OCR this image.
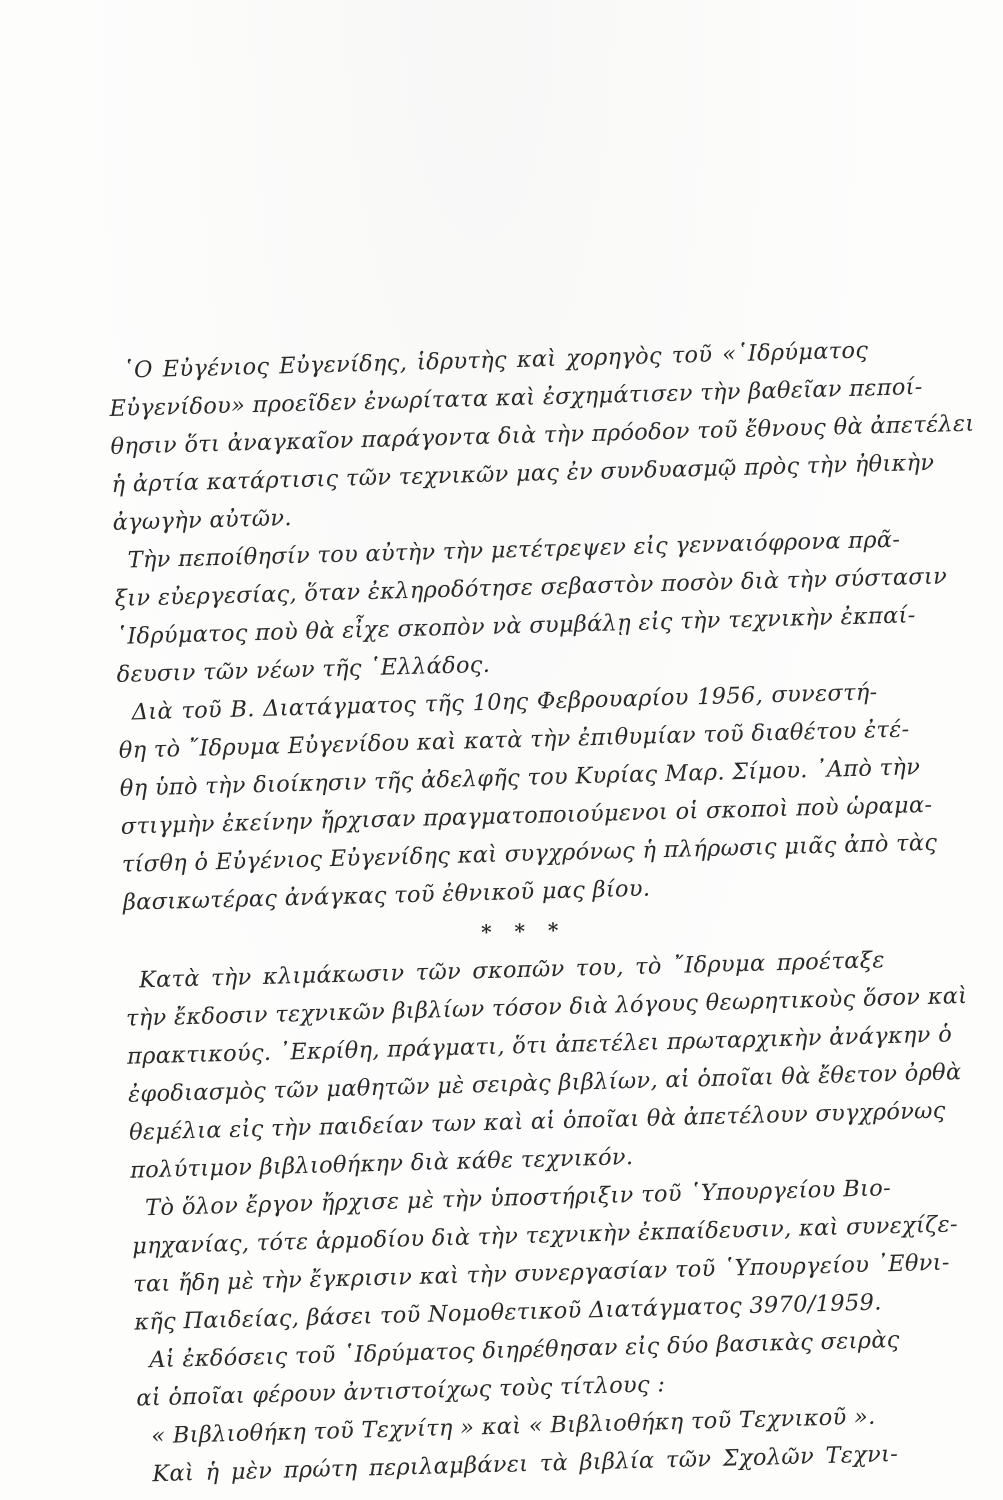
῾Ο Εὐγένιος Εὐγενίδης, ἱδρυτὴς καὶ χορηγὸς τοῦ «῾Ιδρύματος
Εὐγενίδου» προεῖδεν ἐνωρίτατα καὶ ἐσχημάτισεν τὴν βαθεῖαν πεποί-
θησιν ὅτι ἀναγκαῖον παράγοντα διὰ τὴν πρόοδον τοῦ ἔθνους θὰ ἀπετέλει
ἡ ἀρτία κατάρτισις τῶν τεχνικῶν μας ἐν συνδυασμῷ πρὸς τὴν ἠθικὴν
ἀγωγὴν αὐτῶν.
Τὴν πεποίθησίν του αὐτὴν τὴν μετέτρεψεν εἰς γενναιόφρονα πρᾶ-
ξιν εὐεργεσίας, ὅταν ἐκληροδότησε σεβαστὸν ποσὸν διὰ τὴν σύστασιν
῾Ιδρύματος ποὺ θὰ εἶχε σκοπὸν νὰ συμβάλῃ εἰς τὴν τεχνικὴν ἐκπαί-
δευσιν τῶν νέων τῆς ῾Ελλάδος.
Διὰ τοῦ Β. Διατάγματος τῆς 10ης Φεβρουαρίου 1956, συνεστή-
θη τὸ ῎Ιδρυμα Εὐγενίδου καὶ κατὰ τὴν ἐπιθυμίαν τοῦ διαθέτου ἐτέ-
θη ὑπὸ τὴν διοίκησιν τῆς ἀδελφῆς του Κυρίας Μαρ. Σίμου. ᾿Απὸ τὴν
στιγμὴν ἐκείνην ἤρχισαν πραγματοποιούμενοι οἱ σκοποὶ ποὺ ὡραμα-
τίσθη ὁ Εὐγένιος Εὐγενίδης καὶ συγχρόνως ἡ πλήρωσις μιᾶς ἀπὸ τὰς
βασικωτέρας ἀνάγκας τοῦ ἐθνικοῦ μας βίου.
* * *
Κατὰ τὴν κλιμάκωσιν τῶν σκοπῶν του, τὸ ῎Ιδρυμα προέταξε
τὴν ἔκδοσιν τεχνικῶν βιβλίων τόσον διὰ λόγους θεωρητικοὺς ὅσον καὶ
πρακτικούς. ᾿Εκρίθη, πράγματι, ὅτι ἀπετέλει πρωταρχικὴν ἀνάγκην ὁ
ἐφοδιασμὸς τῶν μαθητῶν μὲ σειρὰς βιβλίων, αἱ ὁποῖαι θὰ ἔθετον ὀρθὰ
θεμέλια εἰς τὴν παιδείαν των καὶ αἱ ὁποῖαι θὰ ἀπετέλουν συγχρόνως
πολύτιμον βιβλιοθήκην διὰ κάθε τεχνικόν.
Τὸ ὅλον ἔργον ἤρχισε μὲ τὴν ὑποστήριξιν τοῦ ῾Υπουργείου Βιο-
μηχανίας, τότε ἁρμοδίου διὰ τὴν τεχνικὴν ἐκπαίδευσιν, καὶ συνεχίζε-
ται ἤδη μὲ τὴν ἔγκρισιν καὶ τὴν συνεργασίαν τοῦ ῾Υπουργείου ᾿Εθνι-
κῆς Παιδείας, βάσει τοῦ Νομοθετικοῦ Διατάγματος 3970/1959.
Αἱ ἐκδόσεις τοῦ ῾Ιδρύματος διηρέθησαν εἰς δύο βασικὰς σειρὰς
αἱ ὁποῖαι φέρουν ἀντιστοίχως τοὺς τίτλους :
« Βιβλιοθήκη τοῦ Τεχνίτη » καὶ « Βιβλιοθήκη τοῦ Τεχνικοῦ ».
Καὶ ἡ μὲν πρώτη περιλαμβάνει τὰ βιβλία τῶν Σχολῶν Τεχνι-
